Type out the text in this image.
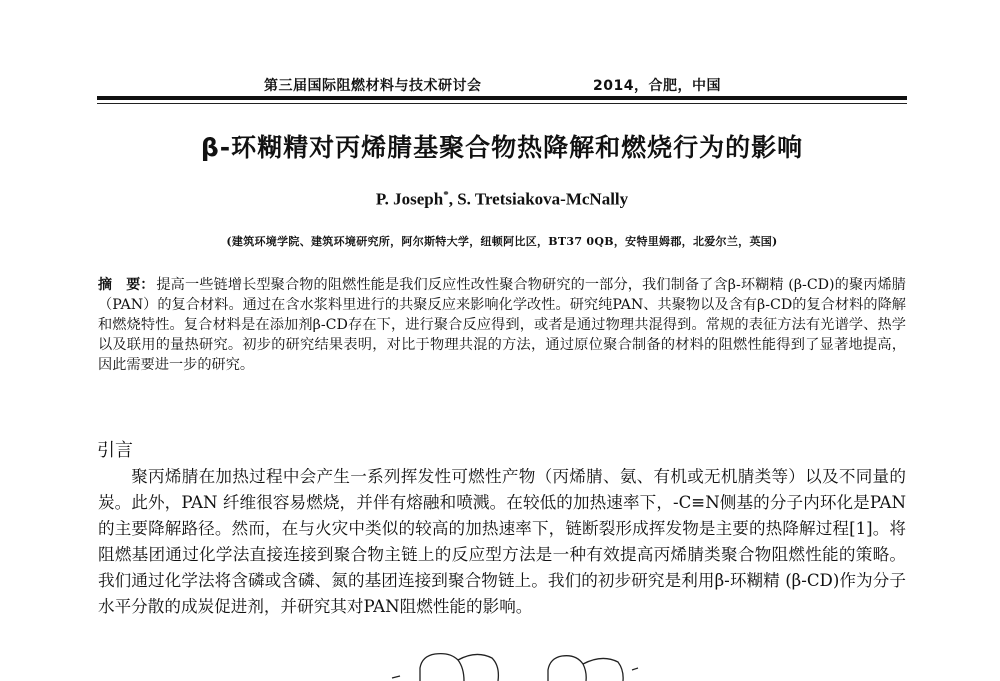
第三届国际阻燃材料与技术研讨会	2014，合肥，中国
β-环糊精对丙烯腈基聚合物热降解和燃烧行为的影响
P. Joseph*, S. Tretsiakova-McNally
(建筑环境学院、建筑环境研究所，阿尔斯特大学，纽顿阿比区，BT37 0QB，安特里姆郡，北爱尔兰，英国)
摘　要： 提高一些链增长型聚合物的阻燃性能是我们反应性改性聚合物研究的一部分，我们制备了含β-环糊精 (β-CD)的聚丙烯腈（PAN）的复合材料。通过在含水浆料里进行的共聚反应来影响化学改性。研究纯PAN、共聚物以及含有β-CD的复合材料的降解和燃烧特性。复合材料是在添加剂β-CD存在下，进行聚合反应得到，或者是通过物理共混得到。常规的表征方法有光谱学、热学以及联用的量热研究。初步的研究结果表明，对比于物理共混的方法，通过原位聚合制备的材料的阻燃性能得到了显著地提高，因此需要进一步的研究。
引言
聚丙烯腈在加热过程中会产生一系列挥发性可燃性产物（丙烯腈、氨、有机或无机腈类等）以及不同量的炭。此外，PAN 纤维很容易燃烧，并伴有熔融和喷溅。在较低的加热速率下，-C≡N侧基的分子内环化是PAN的主要降解路径。然而，在与火灾中类似的较高的加热速率下，链断裂形成挥发物是主要的热降解过程[1]。将阻燃基团通过化学法直接连接到聚合物主链上的反应型方法是一种有效提高丙烯腈类聚合物阻燃性能的策略。我们通过化学法将含磷或含磷、氮的基团连接到聚合物链上。我们的初步研究是利用β-环糊精 (β-CD)作为分子水平分散的成炭促进剂，并研究其对PAN阻燃性能的影响。
